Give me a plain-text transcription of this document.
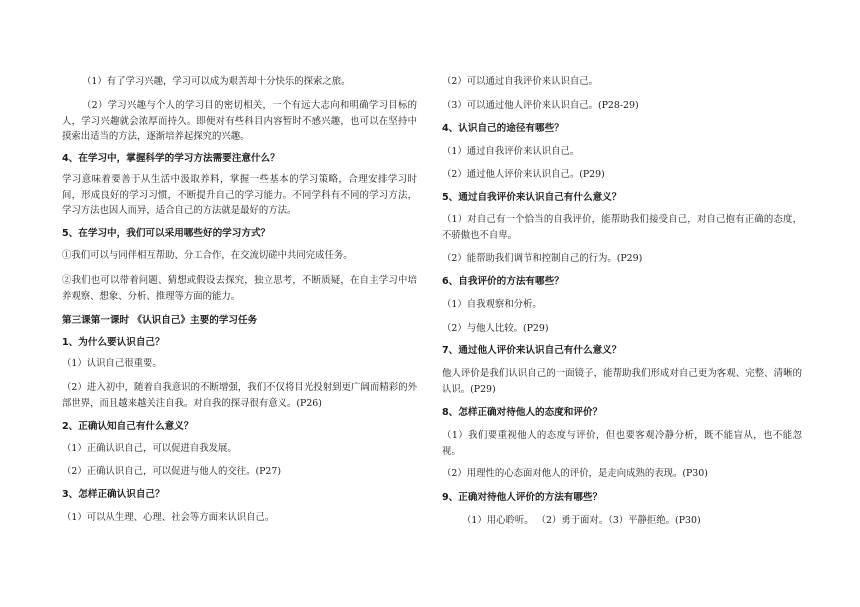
（1）有了学习兴趣，学习可以成为艰苦却十分快乐的探索之旅。
（2）学习兴趣与个人的学习目的密切相关，一个有远大志向和明确学习目标的人，学习兴趣就会浓厚而持久。即便对有些科目内容暂时不感兴趣，也可以在坚持中摸索出适当的方法，逐渐培养起探究的兴趣。
4、在学习中，掌握科学的学习方法需要注意什么？
学习意味着要善于从生活中汲取养料，掌握一些基本的学习策略，合理安排学习时间，形成良好的学习习惯，不断提升自己的学习能力。不同学科有不同的学习方法，学习方法也因人而异，适合自己的方法就是最好的方法。
5、在学习中，我们可以采用哪些好的学习方式？
①我们可以与同伴相互帮助、分工合作，在交流切磋中共同完成任务。
②我们也可以带着问题、猜想或假设去探究，独立思考，不断质疑，在自主学习中培养观察、想象、分析、推理等方面的能力。
第三课第一课时 《认识自己》主要的学习任务
1、为什么要认识自己？
（1）认识自己很重要。
（2）进入初中，随着自我意识的不断增强，我们不仅将目光投射到更广阔而精彩的外部世界，而且越来越关注自我。对自我的探寻很有意义。(P26)
2、正确认知自己有什么意义？
（1）正确认识自己，可以促进自我发展。
（2）正确认识自己，可以促进与他人的交往。(P27)
3、怎样正确认识自己？
（1）可以从生理、心理、社会等方面来认识自己。
（2）可以通过自我评价来认识自己。
（3）可以通过他人评价来认识自己。(P28-29)
4、认识自己的途径有哪些？
（1）通过自我评价来认识自己。
（2）通过他人评价来认识自己。(P29)
5、通过自我评价来认识自己有什么意义？
（1）对自己有一个恰当的自我评价，能帮助我们接受自己，对自己抱有正确的态度，不骄傲也不自卑。
（2）能帮助我们调节和控制自己的行为。(P29)
6、自我评价的方法有哪些？
（1）自我观察和分析。
（2）与他人比较。(P29)
7、通过他人评价来认识自己有什么意义？
他人评价是我们认识自己的一面镜子，能帮助我们形成对自己更为客观、完整、清晰的认识。(P29)
8、怎样正确对待他人的态度和评价？
（1）我们要重视他人的态度与评价，但也要客观冷静分析，既不能盲从，也不能忽视。
（2）用理性的心态面对他人的评价，是走向成熟的表现。(P30)
9、正确对待他人评价的方法有哪些？
（1）用心聆听。 （2）勇于面对。（3）平静拒绝。(P30)
